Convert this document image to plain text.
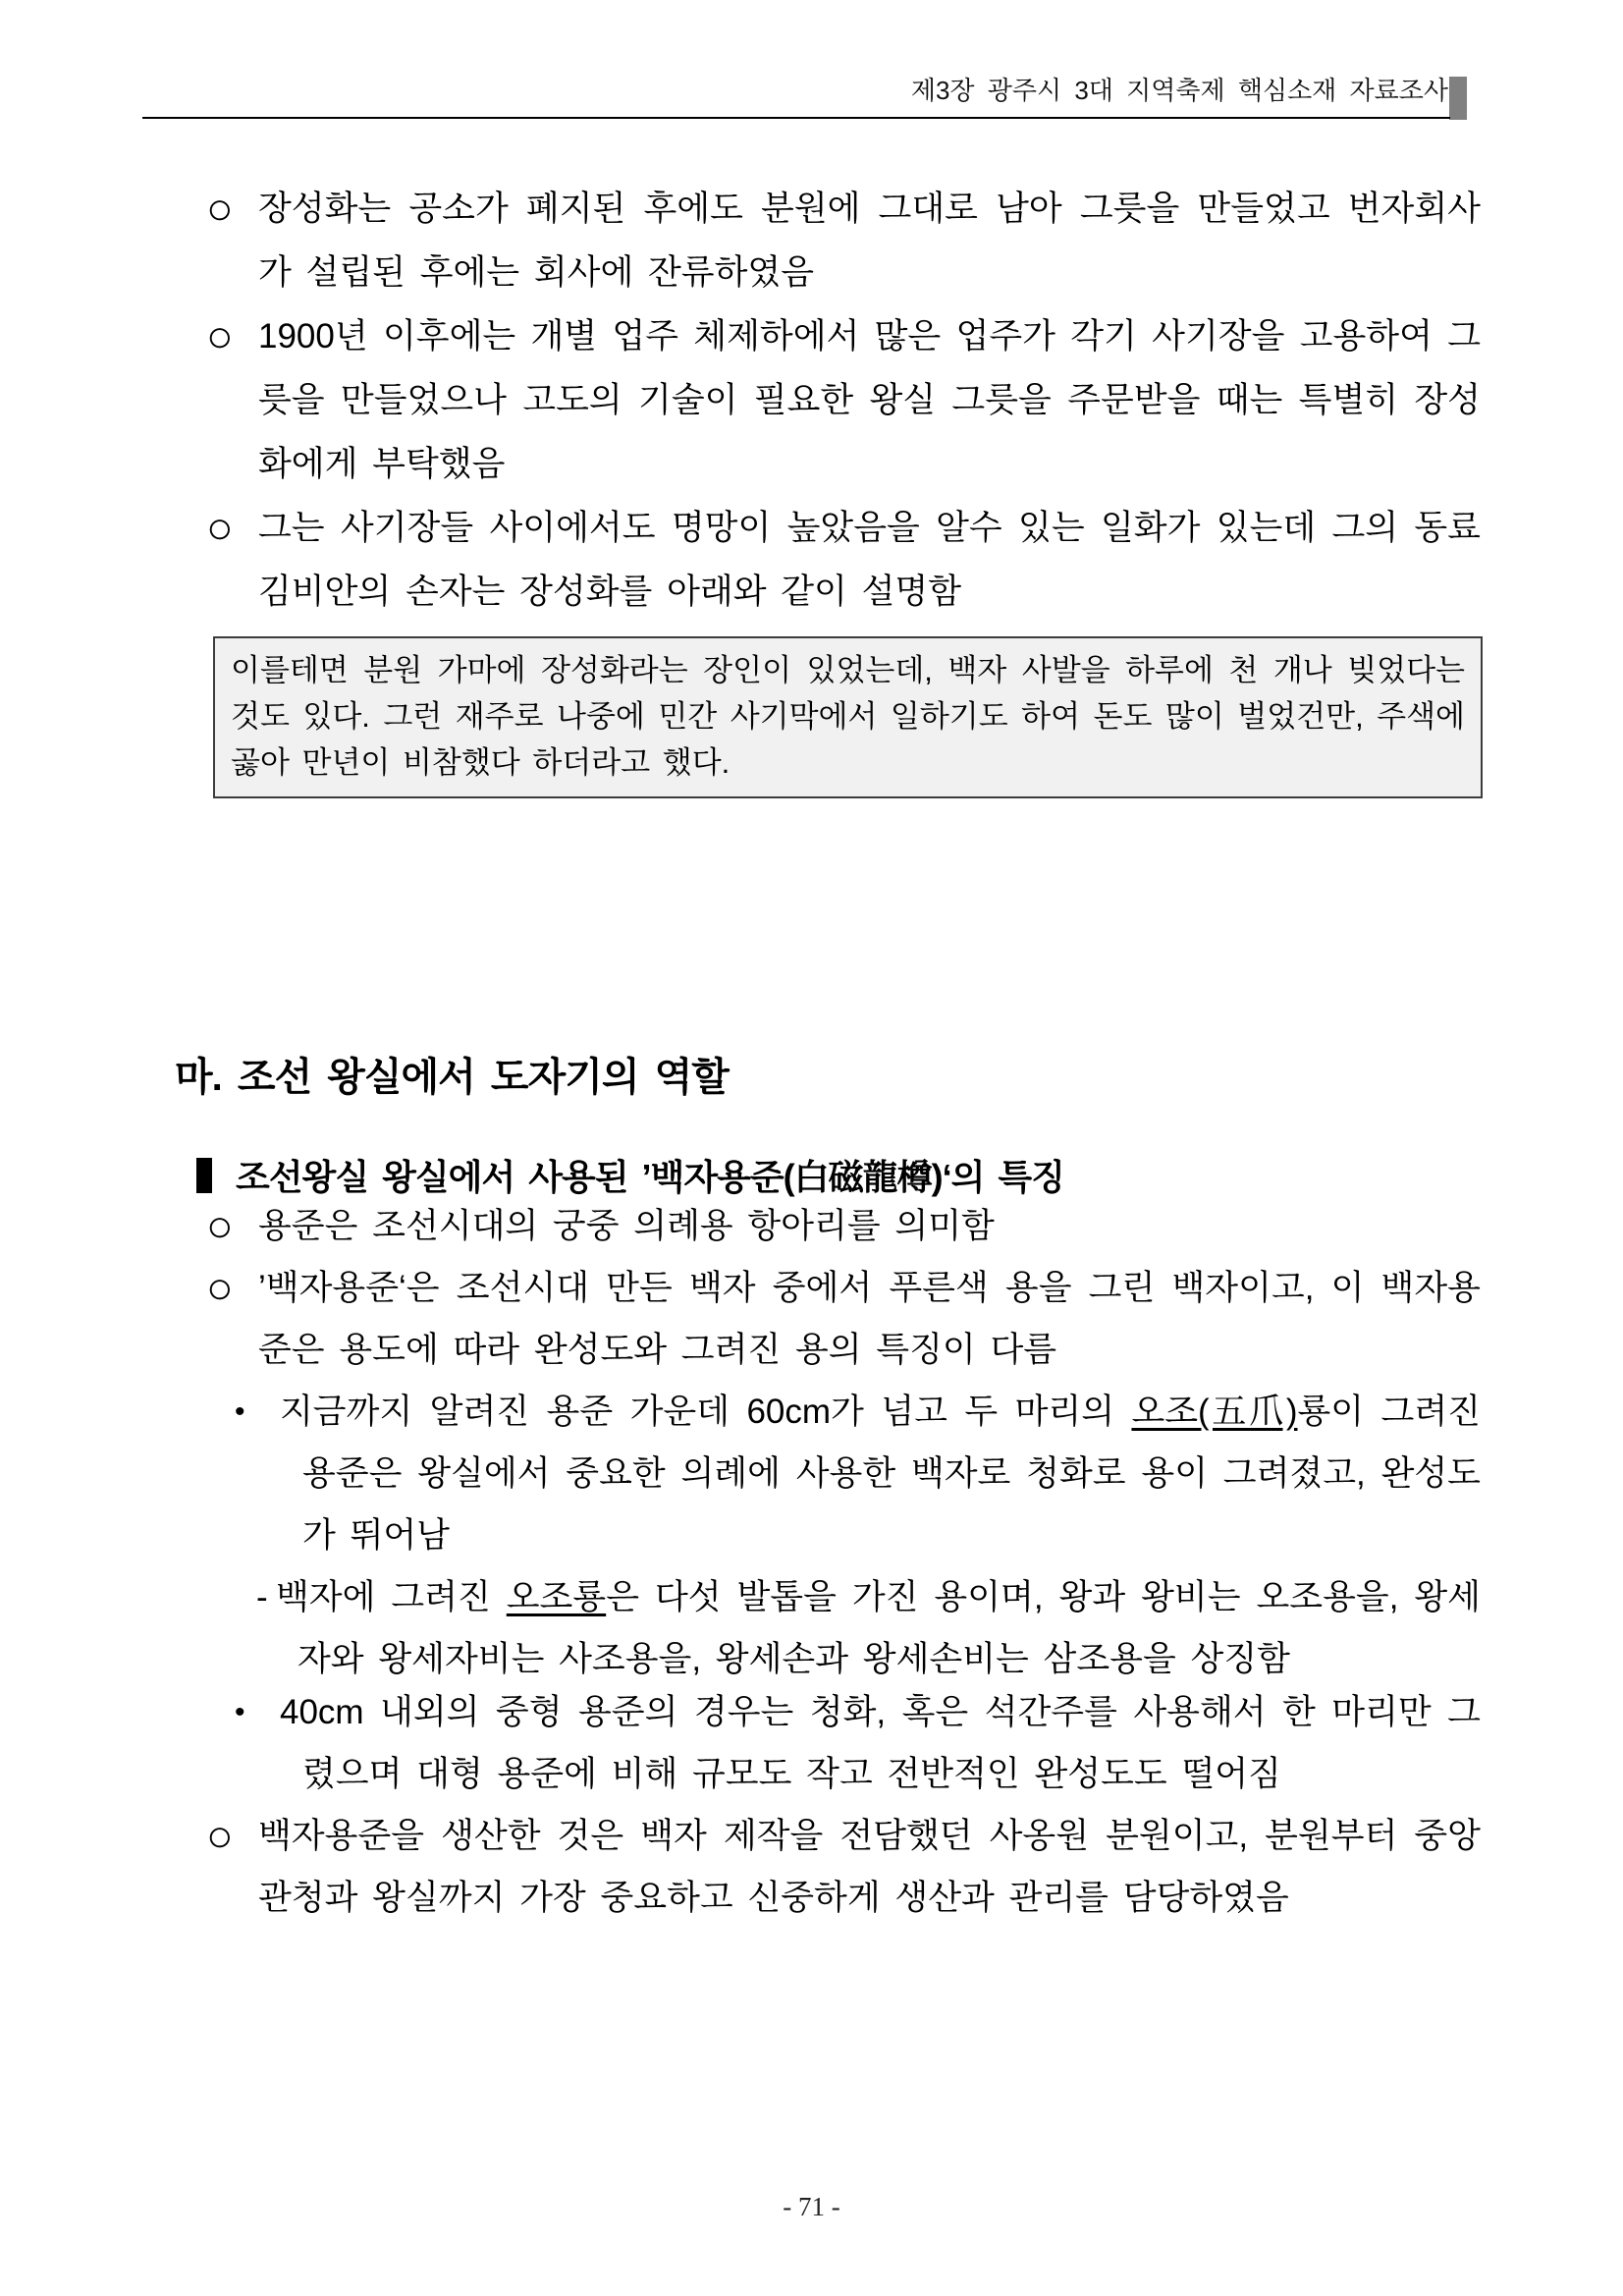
제3장 광주시 3대 지역축제 핵심소재 자료조사
○ 장성화는 공소가 폐지된 후에도 분원에 그대로 남아 그릇을 만들었고 번자회사가 설립된 후에는 회사에 잔류하였음
○ 1900년 이후에는 개별 업주 체제하에서 많은 업주가 각기 사기장을 고용하여 그릇을 만들었으나 고도의 기술이 필요한 왕실 그릇을 주문받을 때는 특별히 장성화에게 부탁했음
○ 그는 사기장들 사이에서도 명망이 높았음을 알수 있는 일화가 있는데 그의 동료 김비안의 손자는 장성화를 아래와 같이 설명함

이를테면 분원 가마에 장성화라는 장인이 있었는데, 백자 사발을 하루에 천 개나 빚었다는 것도 있다. 그런 재주로 나중에 민간 사기막에서 일하기도 하여 돈도 많이 벌었건만, 주색에 곯아 만년이 비참했다 하더라고 했다.

마. 조선 왕실에서 도자기의 역할
조선왕실 왕실에서 사용된 ’백자용준(白磁龍樽)‘의 특징
○ 용준은 조선시대의 궁중 의례용 항아리를 의미함
○ ’백자용준‘은 조선시대 만든 백자 중에서 푸른색 용을 그린 백자이고, 이 백자용준은 용도에 따라 완성도와 그려진 용의 특징이 다름
• 지금까지 알려진 용준 가운데 60cm가 넘고 두 마리의 오조(五爪)룡이 그려진 용준은 왕실에서 중요한 의례에 사용한 백자로 청화로 용이 그려졌고, 완성도가 뛰어남
- 백자에 그려진 오조룡은 다섯 발톱을 가진 용이며, 왕과 왕비는 오조용을, 왕세자와 왕세자비는 사조용을, 왕세손과 왕세손비는 삼조용을 상징함
• 40cm 내외의 중형 용준의 경우는 청화, 혹은 석간주를 사용해서 한 마리만 그렸으며 대형 용준에 비해 규모도 작고 전반적인 완성도도 떨어짐
○ 백자용준을 생산한 것은 백자 제작을 전담했던 사옹원 분원이고, 분원부터 중앙관청과 왕실까지 가장 중요하고 신중하게 생산과 관리를 담당하였음
- 71 -
